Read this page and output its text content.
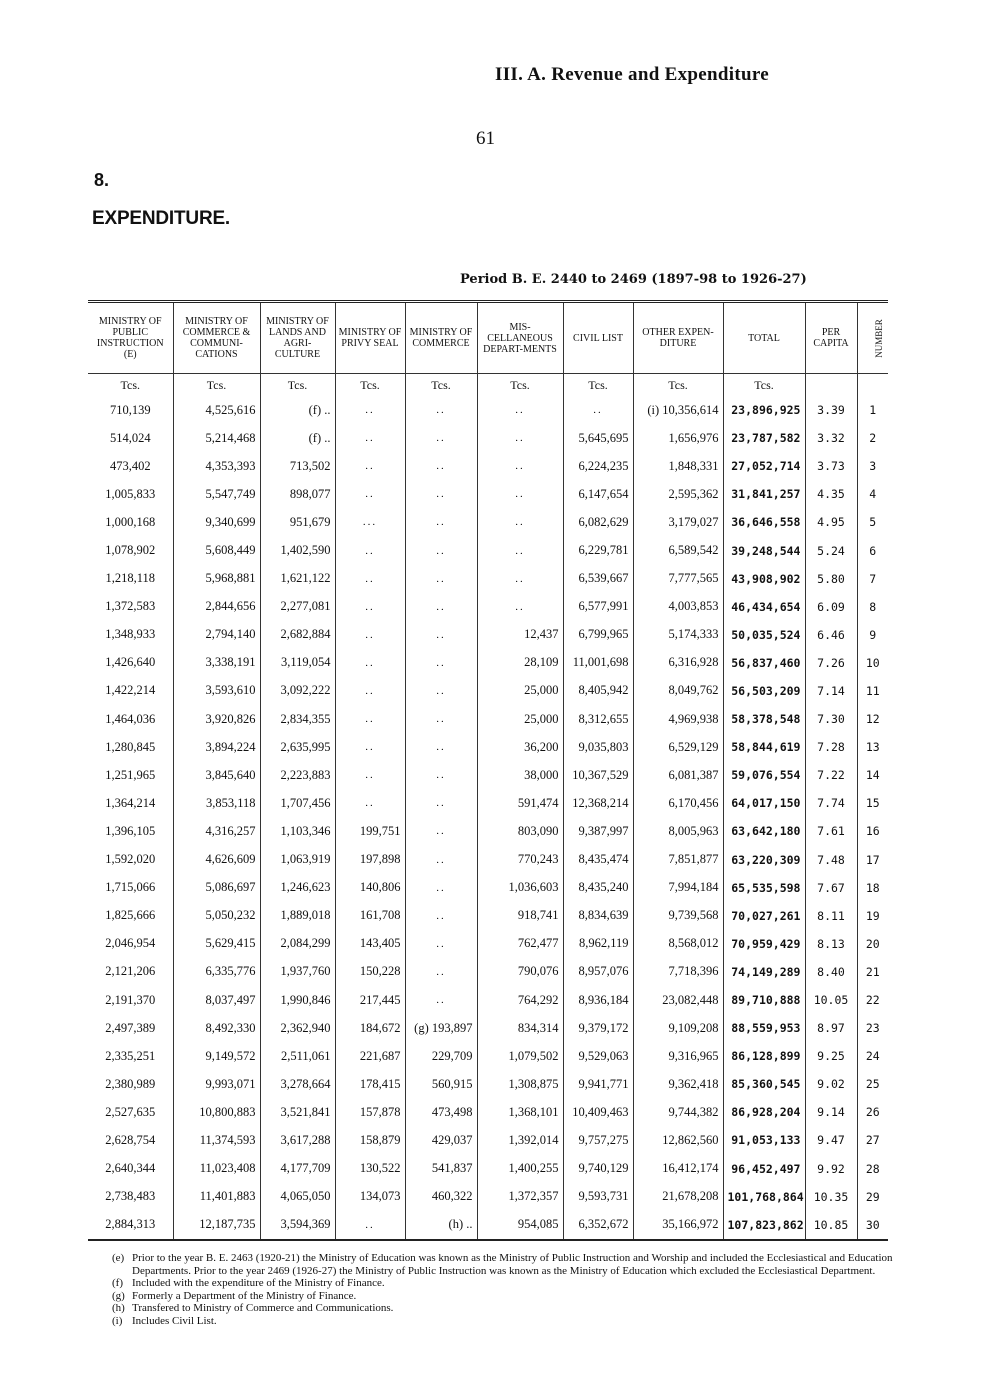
III. A. Revenue and Expenditure
61
8.
EXPENDITURE.
Period B. E. 2440 to 2469 (1897-98 to 1926-27)
MINISTRY OF PUBLIC INSTRUCTION (E)	MINISTRY OF COMMERCE & COMMUNI-CATIONS	MINISTRY OF LANDS AND AGRI-CULTURE	MINISTRY OF PRIVY SEAL	MINISTRY OF COMMERCE	MIS-CELLANEOUS DEPART-MENTS	CIVIL LIST	OTHER EXPEN-DITURE	TOTAL	PER CAPITA	NUMBER
Tcs.	Tcs.	Tcs.	Tcs.	Tcs.	Tcs.	Tcs.	Tcs.	Tcs.		
710,139	4,525,616	(f) ..	..	..	..	..	(i) 10,356,614	23,896,925	3.39	1
514,024	5,214,468	(f) ..	..	..	..	5,645,695	1,656,976	23,787,582	3.32	2
473,402	4,353,393	713,502	..	..	..	6,224,235	1,848,331	27,052,714	3.73	3
1,005,833	5,547,749	898,077	..	..	..	6,147,654	2,595,362	31,841,257	4.35	4
1,000,168	9,340,699	951,679	...	..	..	6,082,629	3,179,027	36,646,558	4.95	5
1,078,902	5,608,449	1,402,590	..	..	..	6,229,781	6,589,542	39,248,544	5.24	6
1,218,118	5,968,881	1,621,122	..	..	..	6,539,667	7,777,565	43,908,902	5.80	7
1,372,583	2,844,656	2,277,081	..	..	..	6,577,991	4,003,853	46,434,654	6.09	8
1,348,933	2,794,140	2,682,884	..	..	12,437	6,799,965	5,174,333	50,035,524	6.46	9
1,426,640	3,338,191	3,119,054	..	..	28,109	11,001,698	6,316,928	56,837,460	7.26	10
1,422,214	3,593,610	3,092,222	..	..	25,000	8,405,942	8,049,762	56,503,209	7.14	11
1,464,036	3,920,826	2,834,355	..	..	25,000	8,312,655	4,969,938	58,378,548	7.30	12
1,280,845	3,894,224	2,635,995	..	..	36,200	9,035,803	6,529,129	58,844,619	7.28	13
1,251,965	3,845,640	2,223,883	..	..	38,000	10,367,529	6,081,387	59,076,554	7.22	14
1,364,214	3,853,118	1,707,456	..	..	591,474	12,368,214	6,170,456	64,017,150	7.74	15
1,396,105	4,316,257	1,103,346	199,751	..	803,090	9,387,997	8,005,963	63,642,180	7.61	16
1,592,020	4,626,609	1,063,919	197,898	..	770,243	8,435,474	7,851,877	63,220,309	7.48	17
1,715,066	5,086,697	1,246,623	140,806	..	1,036,603	8,435,240	7,994,184	65,535,598	7.67	18
1,825,666	5,050,232	1,889,018	161,708	..	918,741	8,834,639	9,739,568	70,027,261	8.11	19
2,046,954	5,629,415	2,084,299	143,405	..	762,477	8,962,119	8,568,012	70,959,429	8.13	20
2,121,206	6,335,776	1,937,760	150,228	..	790,076	8,957,076	7,718,396	74,149,289	8.40	21
2,191,370	8,037,497	1,990,846	217,445	..	764,292	8,936,184	23,082,448	89,710,888	10.05	22
2,497,389	8,492,330	2,362,940	184,672	(g) 193,897	834,314	9,379,172	9,109,208	88,559,953	8.97	23
2,335,251	9,149,572	2,511,061	221,687	229,709	1,079,502	9,529,063	9,316,965	86,128,899	9.25	24
2,380,989	9,993,071	3,278,664	178,415	560,915	1,308,875	9,941,771	9,362,418	85,360,545	9.02	25
2,527,635	10,800,883	3,521,841	157,878	473,498	1,368,101	10,409,463	9,744,382	86,928,204	9.14	26
2,628,754	11,374,593	3,617,288	158,879	429,037	1,392,014	9,757,275	12,862,560	91,053,133	9.47	27
2,640,344	11,023,408	4,177,709	130,522	541,837	1,400,255	9,740,129	16,412,174	96,452,497	9.92	28
2,738,483	11,401,883	4,065,050	134,073	460,322	1,372,357	9,593,731	21,678,208	101,768,864	10.35	29
2,884,313	12,187,735	3,594,369	..	(h) ..	954,085	6,352,672	35,166,972	107,823,862	10.85	30
(e) Prior to the year B. E. 2463 (1920-21) the Ministry of Education was known as the Ministry of Public Instruction and Worship and included the Ecclesiastical and Education Departments. Prior to the year 2469 (1926-27) the Ministry of Public Instruction was known as the Ministry of Education which excluded the Ecclesiastical Department.
(f) Included with the expenditure of the Ministry of Finance.
(g) Formerly a Department of the Ministry of Finance.
(h) Transfered to Ministry of Commerce and Communications.
(i) Includes Civil List.
